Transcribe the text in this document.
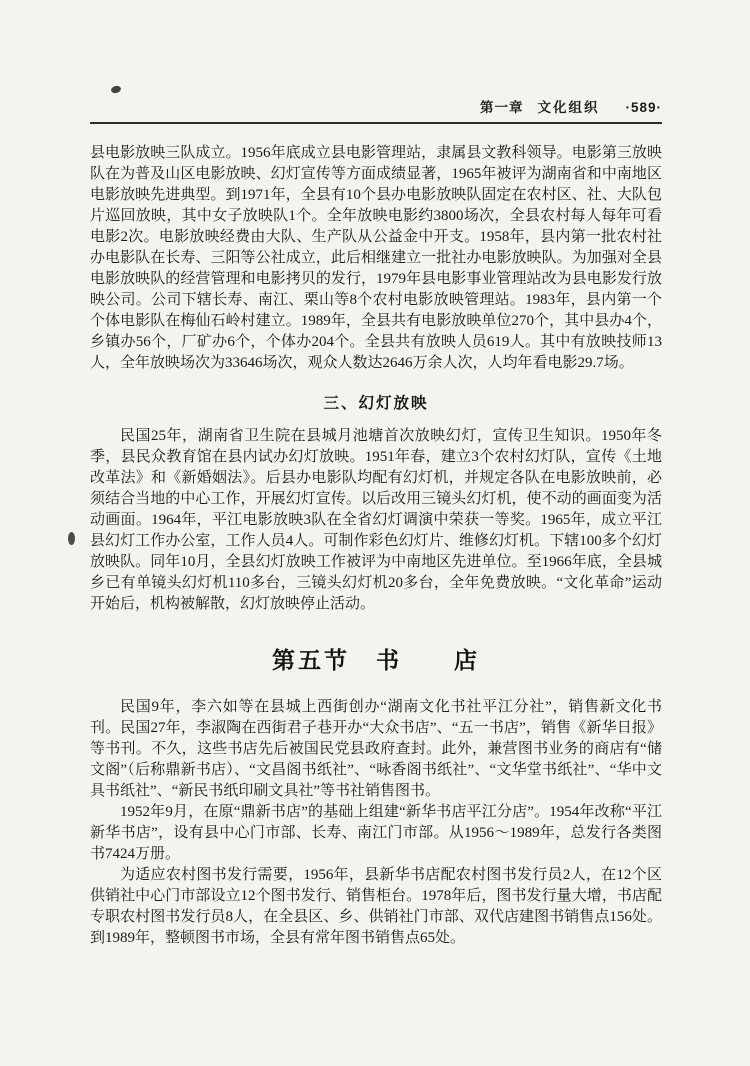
第一章 文化组织 ·589·

县电影放映三队成立。1956年底成立县电影管理站，隶属县文教科领导。电影第三放映队在为普及山区电影放映、幻灯宣传等方面成绩显著，1965年被评为湖南省和中南地区电影放映先进典型。到1971年，全县有10个县办电影放映队固定在农村区、社、大队包片巡回放映，其中女子放映队1个。全年放映电影约3800场次，全县农村每人每年可看电影2次。电影放映经费由大队、生产队从公益金中开支。1958年，县内第一批农村社办电影队在长寿、三阳等公社成立，此后相继建立一批社办电影放映队。为加强对全县电影放映队的经营管理和电影拷贝的发行，1979年县电影事业管理站改为县电影发行放映公司。公司下辖长寿、南江、栗山等8个农村电影放映管理站。1983年，县内第一个个体电影队在梅仙石岭村建立。1989年，全县共有电影放映单位270个，其中县办4个，乡镇办56个，厂矿办6个，个体办204个。全县共有放映人员619人。其中有放映技师13人，全年放映场次为33646场次，观众人数达2646万余人次，人均年看电影29.7场。

三、幻灯放映

民国25年，湖南省卫生院在县城月池塘首次放映幻灯，宣传卫生知识。1950年冬季，县民众教育馆在县内试办幻灯放映。1951年春，建立3个农村幻灯队，宣传《土地改革法》和《新婚姻法》。后县办电影队均配有幻灯机，并规定各队在电影放映前，必须结合当地的中心工作，开展幻灯宣传。以后改用三镜头幻灯机，使不动的画面变为活动画面。1964年，平江电影放映3队在全省幻灯调演中荣获一等奖。1965年，成立平江县幻灯工作办公室，工作人员4人。可制作彩色幻灯片、维修幻灯机。下辖100多个幻灯放映队。同年10月，全县幻灯放映工作被评为中南地区先进单位。至1966年底，全县城乡已有单镜头幻灯机110多台，三镜头幻灯机20多台，全年免费放映。“文化革命”运动开始后，机构被解散，幻灯放映停止活动。

第五节　书　　店

民国9年，李六如等在县城上西街创办“湖南文化书社平江分社”，销售新文化书刊。民国27年，李淑陶在西街君子巷开办“大众书店”、“五一书店”，销售《新华日报》等书刊。不久，这些书店先后被国民党县政府查封。此外，兼营图书业务的商店有“储文阁”（后称鼎新书店）、“文昌阁书纸社”、“咏香阁书纸社”、“文华堂书纸社”、“华中文具书纸社”、“新民书纸印刷文具社”等书社销售图书。

1952年9月，在原“鼎新书店”的基础上组建“新华书店平江分店”。1954年改称“平江新华书店”，设有县中心门市部、长寿、南江门市部。从1956～1989年，总发行各类图书7424万册。

为适应农村图书发行需要，1956年，县新华书店配农村图书发行员2人，在12个区供销社中心门市部设立12个图书发行、销售柜台。1978年后，图书发行量大增，书店配专职农村图书发行员8人，在全县区、乡、供销社门市部、双代店建图书销售点156处。到1989年，整顿图书市场，全县有常年图书销售点65处。
